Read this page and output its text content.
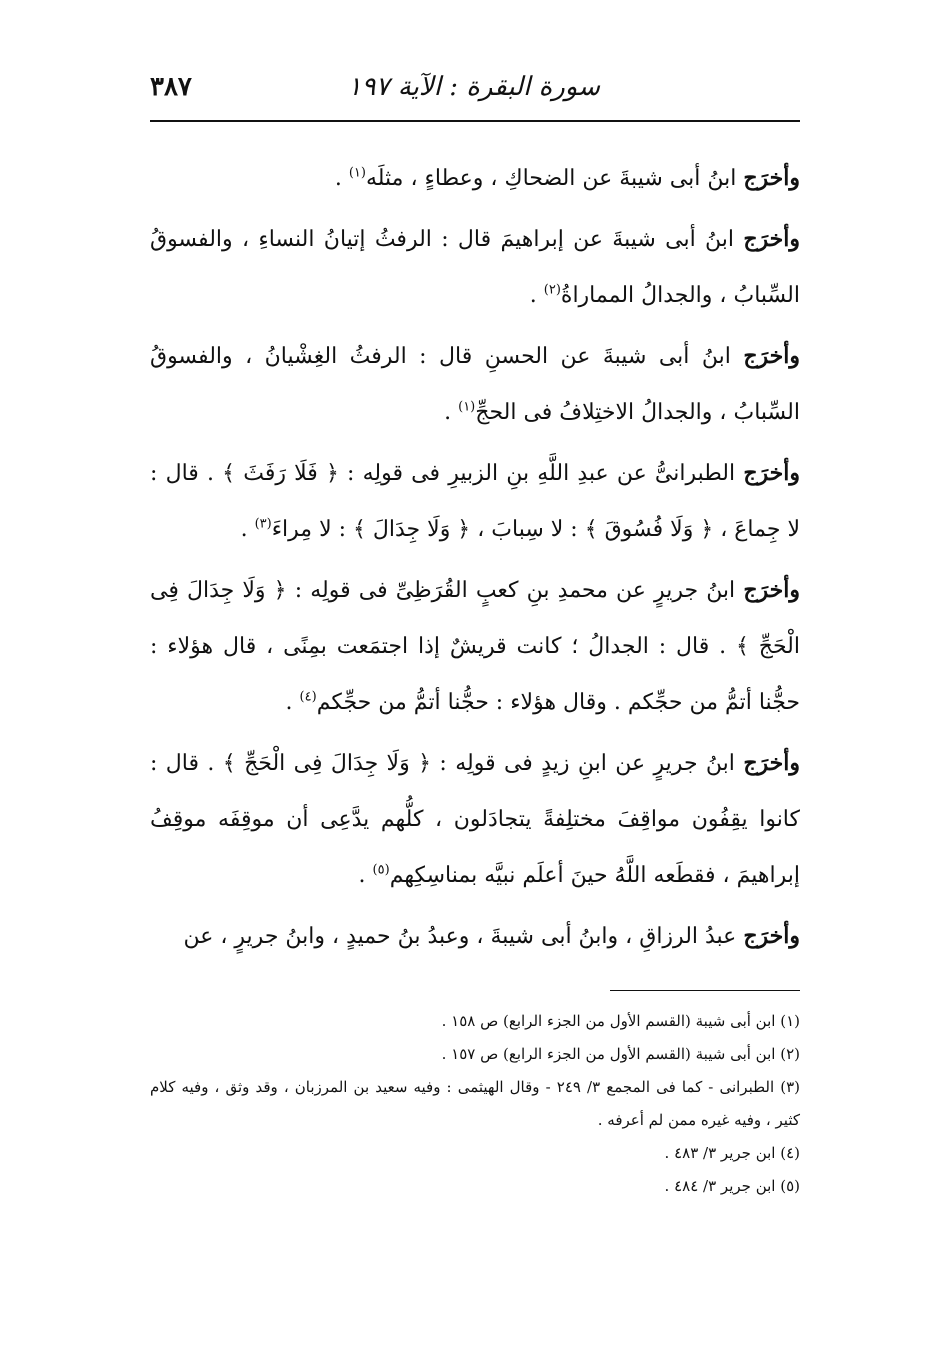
سورة البقرة : الآية ١٩٧
٣٨٧

وأخرَج ابنُ أبى شيبةَ عن الضحاكِ ، وعطاءٍ ، مثلَه$^{(١)}$ .

وأخرَج ابنُ أبى شيبةَ عن إبراهيمَ قال : الرفثُ إتيانُ النساءِ ، والفسوقُ السِّبابُ ، والجدالُ المماراةُ$^{(٢)}$ .

وأخرَج ابنُ أبى شيبةَ عن الحسنِ قال : الرفثُ الغِشْيانُ ، والفسوقُ السِّبابُ ، والجدالُ الاختِلافُ فى الحجِّ$^{(١)}$ .

وأخرَج الطبرانىُّ عن عبدِ اللَّهِ بنِ الزبيرِ فى قولِه : ﴿ فَلَا رَفَثَ ﴾ . قال : لا جِماعَ ، ﴿ وَلَا فُسُوقَ ﴾ : لا سِبابَ ، ﴿ وَلَا جِدَالَ ﴾ : لا مِراءَ$^{(٣)}$ .

وأخرَج ابنُ جريرٍ عن محمدِ بنِ كعبٍ القُرَظِىِّ فى قولِه : ﴿ وَلَا جِدَالَ فِى الْحَجِّ ﴾ . قال : الجدالُ ؛ كانت قريشٌ إذا اجتمَعت بمِنًى ، قال هؤلاء : حجُّنا أتمُّ من حجِّكم . وقال هؤلاء : حجُّنا أتمُّ من حجِّكم$^{(٤)}$ .

وأخرَج ابنُ جريرٍ عن ابنِ زيدٍ فى قولِه : ﴿ وَلَا جِدَالَ فِى الْحَجِّ ﴾ . قال : كانوا يقِفُون مواقِفَ مختلِفةً يتجادَلون ، كلُّهم يدَّعِى أن موقِفَه موقِفُ إبراهيمَ ، فقطَعه اللَّهُ حينَ أعلَم نبيَّه بمناسِكِهم$^{(٥)}$ .

وأخرَج عبدُ الرزاقِ ، وابنُ أبى شيبةَ ، وعبدُ بنُ حميدٍ ، وابنُ جريرٍ ، عن

(١) ابن أبى شيبة (القسم الأول من الجزء الرابع) ص ١٥٨ .

(٢) ابن أبى شيبة (القسم الأول من الجزء الرابع) ص ١٥٧ .

(٣) الطبرانى - كما فى المجمع ٣/ ٢٤٩ - وقال الهيثمى : وفيه سعيد بن المرزبان ، وقد وثق ، وفيه كلام كثير ، وفيه غيره ممن لم أعرفه .

(٤) ابن جرير ٣/ ٤٨٣ .

(٥) ابن جرير ٣/ ٤٨٤ .
